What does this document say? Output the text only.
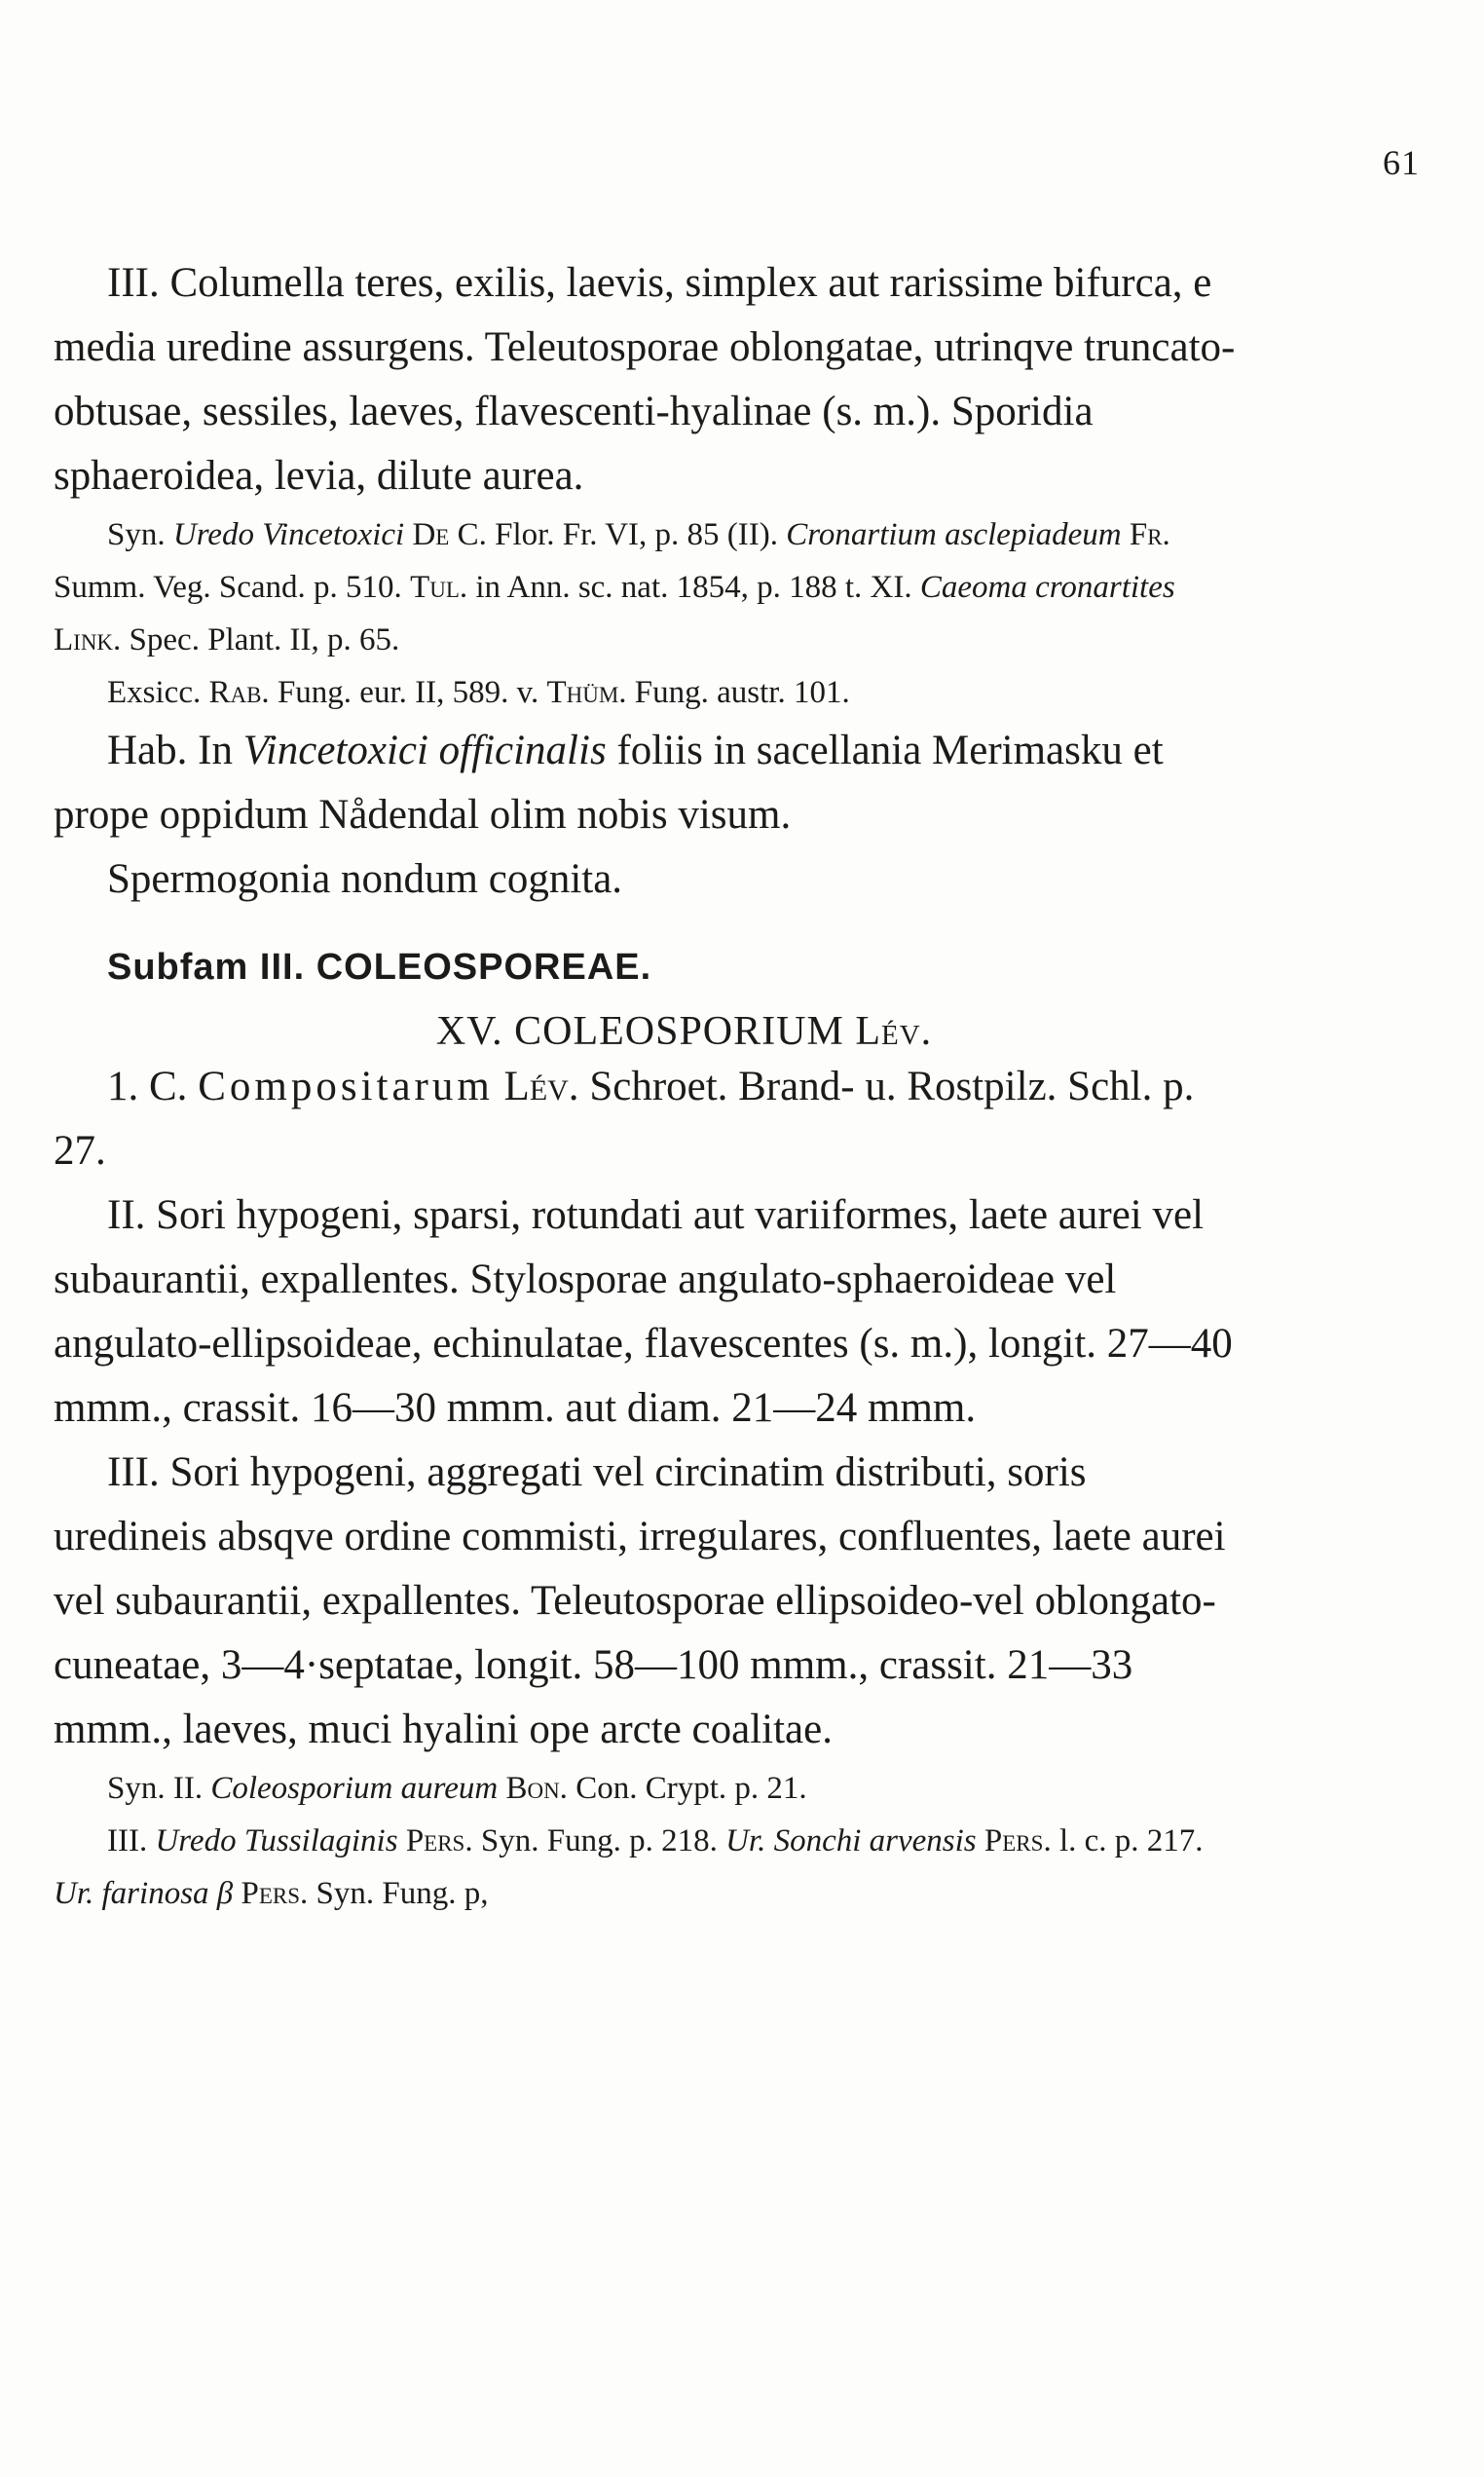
61

III. Columella teres, exilis, laevis, simplex aut rarissime bifurca, e media uredine assurgens. Teleutosporae oblongatae, utrinqve truncato-obtusae, sessiles, laeves, flavescenti-hyalinae (s. m.). Sporidia sphaeroidea, levia, dilute aurea.

Syn. Uredo Vincetoxici De C. Flor. Fr. VI, p. 85 (II). Cronartium asclepiadeum Fr. Summ. Veg. Scand. p. 510. Tul. in Ann. sc. nat. 1854, p. 188 t. XI. Caeoma cronartites Link. Spec. Plant. II, p. 65.

Exsicc. Rab. Fung. eur. II, 589. v. Thüm. Fung. austr. 101.

Hab. In Vincetoxici officinalis foliis in sacellania Merimasku et prope oppidum Nådendal olim nobis visum.

Spermogonia nondum cognita.

Subfam III. COLEOSPOREAE.

XV. COLEOSPORIUM Lév.

1. C. Compositarum Lév. Schroet. Brand- u. Rostpilz. Schl. p. 27.

II. Sori hypogeni, sparsi, rotundati aut variiformes, laete aurei vel subaurantii, expallentes. Stylosporae angulato-sphaeroideae vel angulato-ellipsoideae, echinulatae, flavescentes (s. m.), longit. 27—40 mmm., crassit. 16—30 mmm. aut diam. 21—24 mmm.

III. Sori hypogeni, aggregati vel circinatim distributi, soris uredineis absqve ordine commisti, irregulares, confluentes, laete aurei vel subaurantii, expallentes. Teleutosporae ellipsoideo-vel oblongato-cuneatae, 3—4·septatae, longit. 58—100 mmm., crassit. 21—33 mmm., laeves, muci hyalini ope arcte coalitae.

Syn. II. Coleosporium aureum Bon. Con. Crypt. p. 21.

III. Uredo Tussilaginis Pers. Syn. Fung. p. 218. Ur. Sonchi arvensis Pers. l. c. p. 217. Ur. farinosa β Pers. Syn. Fung. p,
